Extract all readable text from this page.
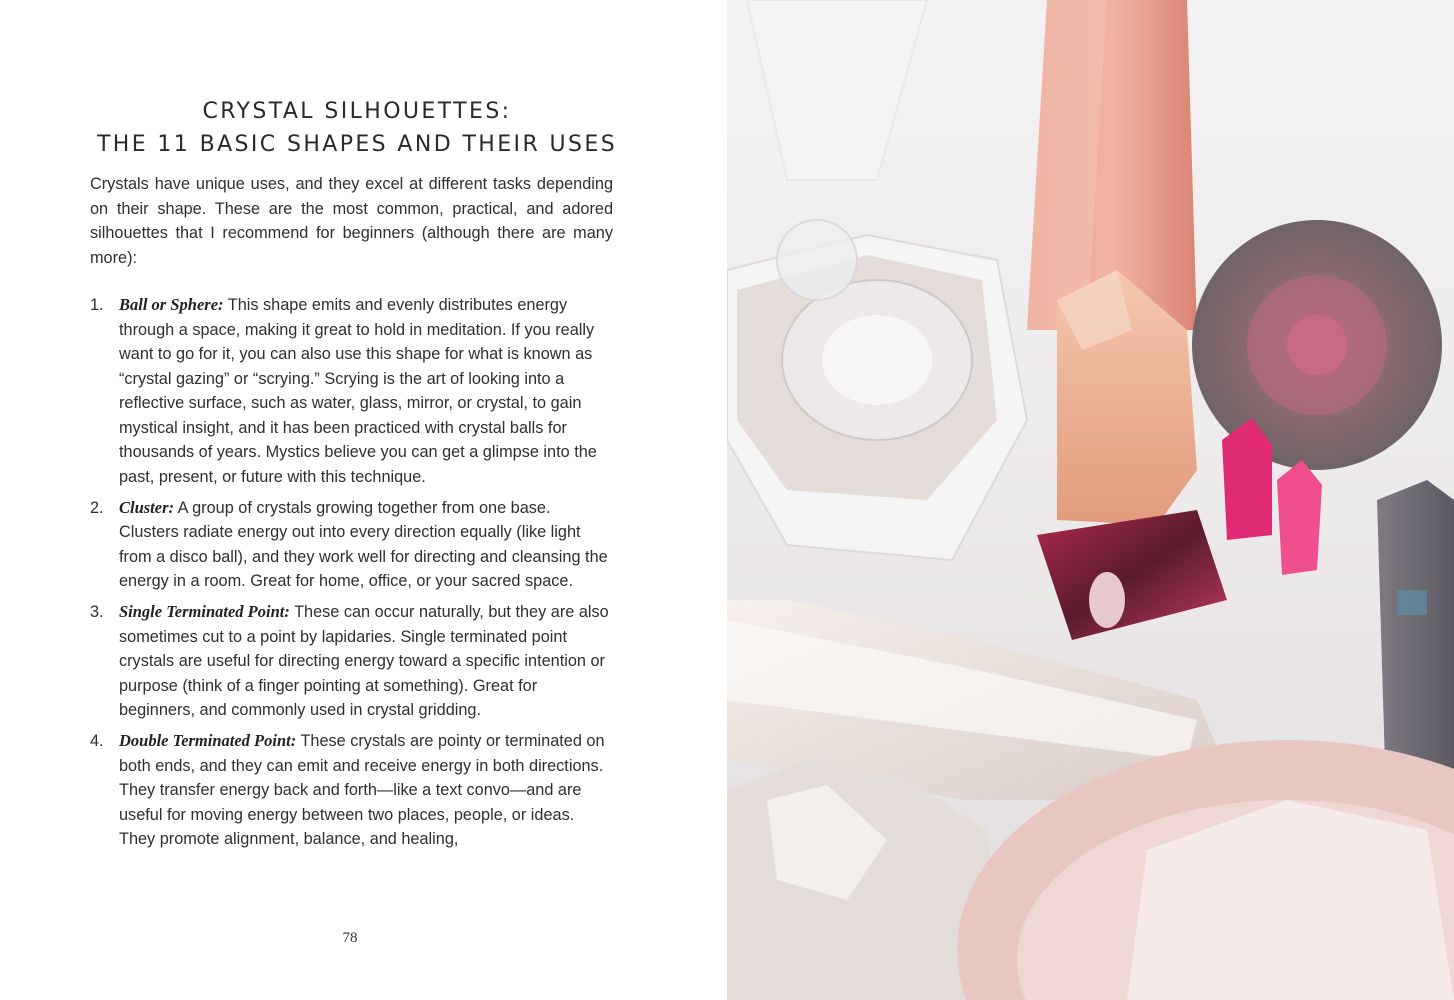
CRYSTAL SILHOUETTES:
THE 11 BASIC SHAPES AND THEIR USES

Crystals have unique uses, and they excel at different tasks depending on their shape. These are the most common, practical, and adored silhouettes that I recommend for beginners (although there are many more):

1. Ball or Sphere: This shape emits and evenly distributes energy through a space, making it great to hold in meditation. If you really want to go for it, you can also use this shape for what is known as “crystal gazing” or “scrying.” Scrying is the art of looking into a reflective surface, such as water, glass, mirror, or crystal, to gain mystical insight, and it has been practiced with crystal balls for thousands of years. Mystics believe you can get a glimpse into the past, present, or future with this technique.
2. Cluster: A group of crystals growing together from one base. Clusters radiate energy out into every direction equally (like light from a disco ball), and they work well for directing and cleansing the energy in a room. Great for home, office, or your sacred space.
3. Single Terminated Point: These can occur naturally, but they are also sometimes cut to a point by lapidaries. Single terminated point crystals are useful for directing energy toward a specific intention or purpose (think of a finger pointing at something). Great for beginners, and commonly used in crystal gridding.
4. Double Terminated Point: These crystals are pointy or terminated on both ends, and they can emit and receive energy in both directions. They transfer energy back and forth—like a text convo—and are useful for moving energy between two places, people, or ideas. They promote alignment, balance, and healing,
78
